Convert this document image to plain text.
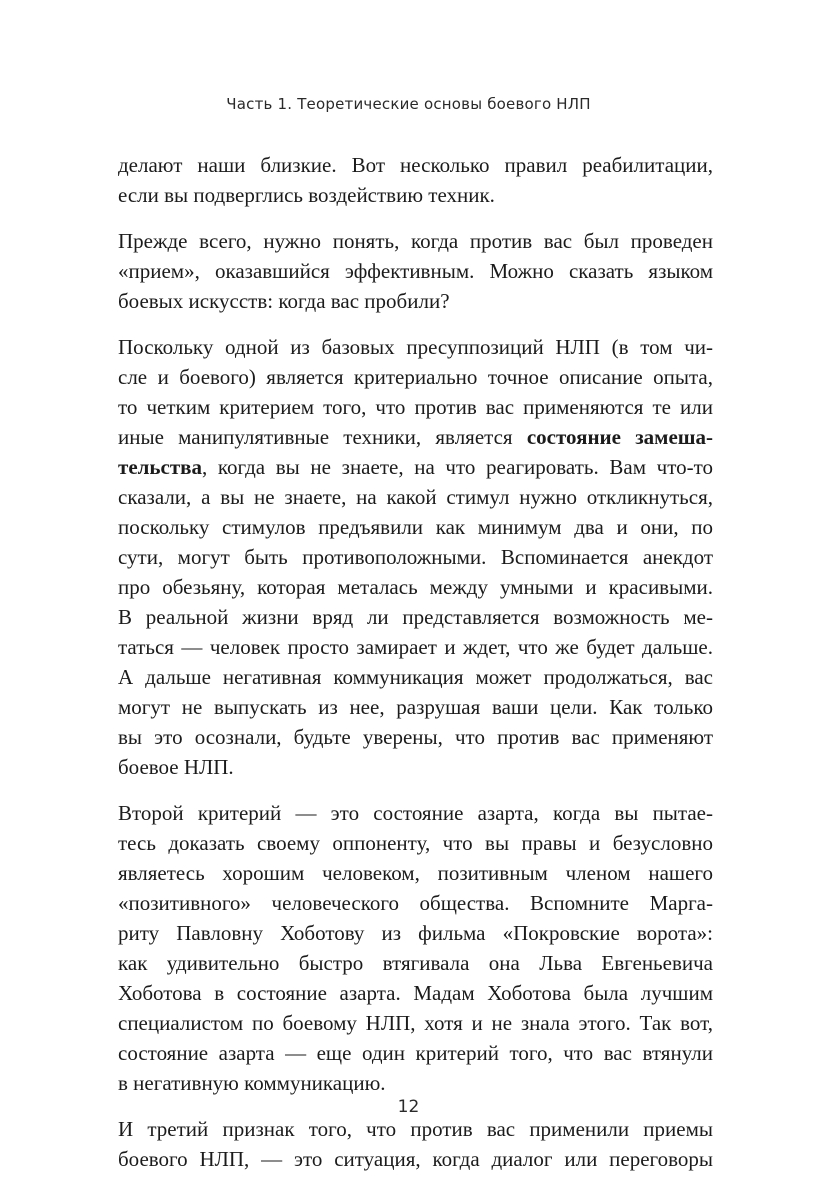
Часть 1. Теоретические основы боевого НЛП

делают наши близкие. Вот несколько правил реабилитации,
если вы подверглись воздействию техник.

Прежде всего, нужно понять, когда против вас был проведен
«прием», оказавшийся эффективным. Можно сказать языком
боевых искусств: когда вас пробили?

Поскольку одной из базовых пресуппозиций НЛП (в том чи-
сле и боевого) является критериально точное описание опыта,
то четким критерием того, что против вас применяются те или
иные манипулятивные техники, является состояние замеша-
тельства, когда вы не знаете, на что реагировать. Вам что-то
сказали, а вы не знаете, на какой стимул нужно откликнуться,
поскольку стимулов предъявили как минимум два и они, по
сути, могут быть противоположными. Вспоминается анекдот
про обезьяну, которая металась между умными и красивыми.
В реальной жизни вряд ли представляется возможность ме-
таться — человек просто замирает и ждет, что же будет дальше.
А дальше негативная коммуникация может продолжаться, вас
могут не выпускать из нее, разрушая ваши цели. Как только
вы это осознали, будьте уверены, что против вас применяют
боевое НЛП.

Второй критерий — это состояние азарта, когда вы пытае-
тесь доказать своему оппоненту, что вы правы и безусловно
являетесь хорошим человеком, позитивным членом нашего
«позитивного» человеческого общества. Вспомните Марга-
риту Павловну Хоботову из фильма «Покровские ворота»:
как удивительно быстро втягивала она Льва Евгеньевича
Хоботова в состояние азарта. Мадам Хоботова была лучшим
специалистом по боевому НЛП, хотя и не знала этого. Так вот,
состояние азарта — еще один критерий того, что вас втянули
в негативную коммуникацию.

И третий признак того, что против вас применили приемы
боевого НЛП, — это ситуация, когда диалог или переговоры

12
